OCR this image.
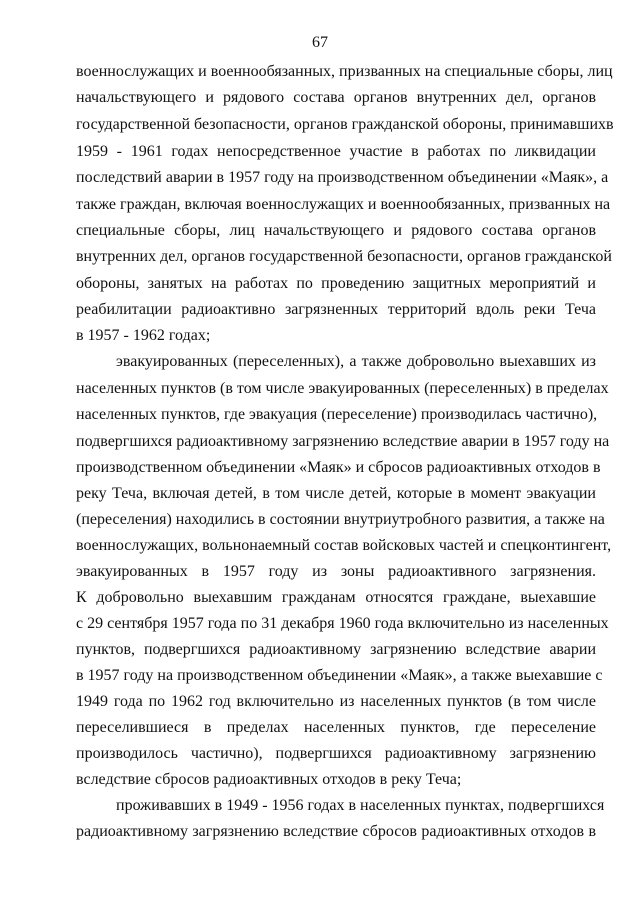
67
военнослужащих и военнообязанных, призванных на специальные сборы, лиц
начальствующего и рядового состава органов внутренних дел, органов
государственной безопасности, органов гражданской обороны, принимавшихв
1959 - 1961 годах непосредственное участие в работах по ликвидации
последствий аварии в 1957 году на производственном объединении «Маяк», а
также граждан, включая военнослужащих и военнообязанных, призванных на
специальные сборы, лиц начальствующего и рядового состава органов
внутренних дел, органов государственной безопасности, органов гражданской
обороны, занятых на работах по проведению защитных мероприятий и
реабилитации радиоактивно загрязненных территорий вдоль реки Теча
в 1957 - 1962 годах;
эвакуированных (переселенных), а также добровольно выехавших из
населенных пунктов (в том числе эвакуированных (переселенных) в пределах
населенных пунктов, где эвакуация (переселение) производилась частично),
подвергшихся радиоактивному загрязнению вследствие аварии в 1957 году на
производственном объединении «Маяк» и сбросов радиоактивных отходов в
реку Теча, включая детей, в том числе детей, которые в момент эвакуации
(переселения) находились в состоянии внутриутробного развития, а также на
военнослужащих, вольнонаемный состав войсковых частей и спецконтингент,
эвакуированных в 1957 году из зоны радиоактивного загрязнения.
К добровольно выехавшим гражданам относятся граждане, выехавшие
с 29 сентября 1957 года по 31 декабря 1960 года включительно из населенных
пунктов, подвергшихся радиоактивному загрязнению вследствие аварии
в 1957 году на производственном объединении «Маяк», а также выехавшие с
1949 года по 1962 год включительно из населенных пунктов (в том числе
переселившиеся в пределах населенных пунктов, где переселение
производилось частично), подвергшихся радиоактивному загрязнению
вследствие сбросов радиоактивных отходов в реку Теча;
проживавших в 1949 - 1956 годах в населенных пунктах, подвергшихся
радиоактивному загрязнению вследствие сбросов радиоактивных отходов в
